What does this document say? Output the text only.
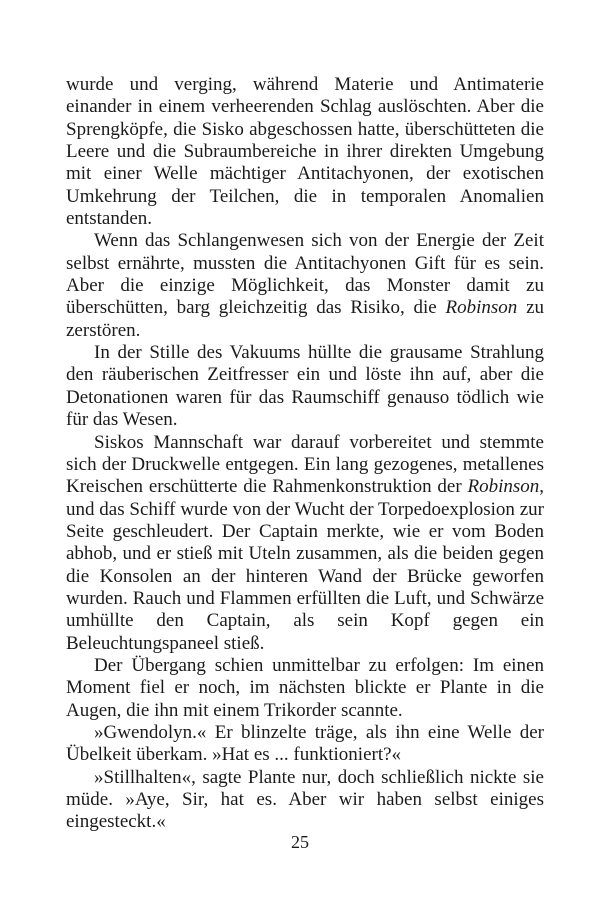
wurde und verging, während Materie und Antimaterie einander in einem verheerenden Schlag auslöschten. Aber die Sprengköpfe, die Sisko abgeschossen hatte, überschütteten die Leere und die Subraumbereiche in ihrer direkten Umgebung mit einer Welle mächtiger Antitachyonen, der exotischen Umkehrung der Teilchen, die in temporalen Anomalien entstanden.

Wenn das Schlangenwesen sich von der Energie der Zeit selbst ernährte, mussten die Antitachyonen Gift für es sein. Aber die einzige Möglichkeit, das Monster damit zu überschütten, barg gleichzeitig das Risiko, die Robinson zu zerstören.

In der Stille des Vakuums hüllte die grausame Strahlung den räuberischen Zeitfresser ein und löste ihn auf, aber die Detonationen waren für das Raumschiff genauso tödlich wie für das Wesen.

Siskos Mannschaft war darauf vorbereitet und stemmte sich der Druckwelle entgegen. Ein lang gezogenes, metallenes Kreischen erschütterte die Rahmenkonstruktion der Robinson, und das Schiff wurde von der Wucht der Torpedoexplosion zur Seite geschleudert. Der Captain merkte, wie er vom Boden abhob, und er stieß mit Uteln zusammen, als die beiden gegen die Konsolen an der hinteren Wand der Brücke geworfen wurden. Rauch und Flammen erfüllten die Luft, und Schwärze umhüllte den Captain, als sein Kopf gegen ein Beleuchtungspaneel stieß.

Der Übergang schien unmittelbar zu erfolgen: Im einen Moment fiel er noch, im nächsten blickte er Plante in die Augen, die ihn mit einem Trikorder scannte.

»Gwendolyn.« Er blinzelte träge, als ihn eine Welle der Übelkeit überkam. »Hat es ... funktioniert?«

»Stillhalten«, sagte Plante nur, doch schließlich nickte sie müde. »Aye, Sir, hat es. Aber wir haben selbst einiges eingesteckt.«

25
